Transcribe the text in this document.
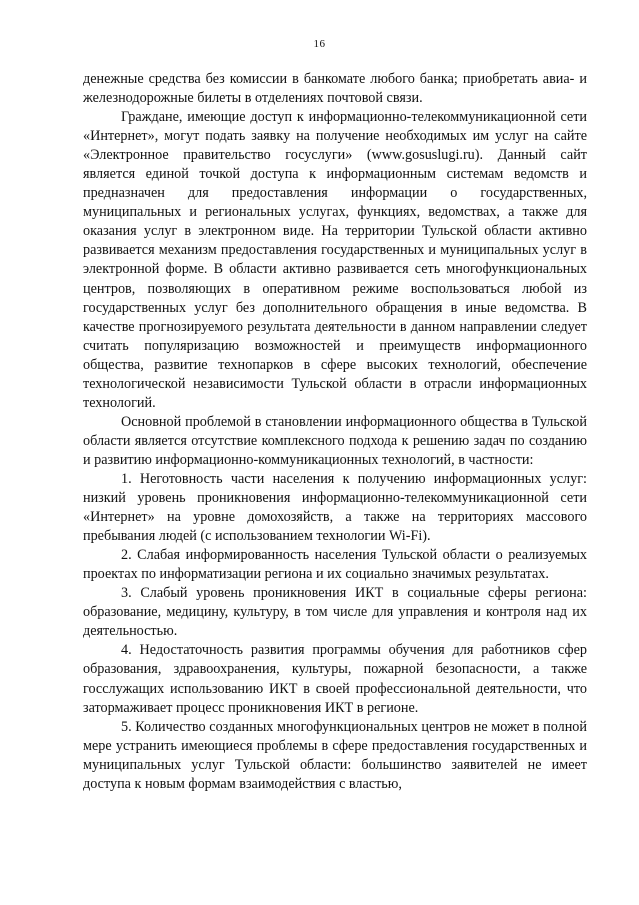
16

денежные средства без комиссии в банкомате любого банка; приобретать авиа- и железнодорожные билеты в отделениях почтовой связи.

Граждане, имеющие доступ к информационно-телекоммуникационной сети «Интернет», могут подать заявку на получение необходимых им услуг на сайте «Электронное правительство госуслуги» (www.gosuslugi.ru). Данный сайт является единой точкой доступа к информационным системам ведомств и предназначен для предоставления информации о государственных, муниципальных и региональных услугах, функциях, ведомствах, а также для оказания услуг в электронном виде. На территории Тульской области активно развивается механизм предоставления государственных и муниципальных услуг в электронной форме. В области активно развивается сеть многофункциональных центров, позволяющих в оперативном режиме воспользоваться любой из государственных услуг без дополнительного обращения в иные ведомства. В качестве прогнозируемого результата деятельности в данном направлении следует считать популяризацию возможностей и преимуществ информационного общества, развитие технопарков в сфере высоких технологий, обеспечение технологической независимости Тульской области в отрасли информационных технологий.

Основной проблемой в становлении информационного общества в Тульской области является отсутствие комплексного подхода к решению задач по созданию и развитию информационно-коммуникационных технологий, в частности:

1. Неготовность части населения к получению информационных услуг: низкий уровень проникновения информационно-телекоммуникационной сети «Интернет» на уровне домохозяйств, а также на территориях массового пребывания людей (с использованием технологии Wi-Fi).

2. Слабая информированность населения Тульской области о реализуемых проектах по информатизации региона и их социально значимых результатах.

3. Слабый уровень проникновения ИКТ в социальные сферы региона: образование, медицину, культуру, в том числе для управления и контроля над их деятельностью.

4. Недостаточность развития программы обучения для работников сфер образования, здравоохранения, культуры, пожарной безопасности, а также госслужащих использованию ИКТ в своей профессиональной деятельности, что затормаживает процесс проникновения ИКТ в регионе.

5. Количество созданных многофункциональных центров не может в полной мере устранить имеющиеся проблемы в сфере предоставления государственных и муниципальных услуг Тульской области: большинство заявителей не имеет доступа к новым формам взаимодействия с властью,
